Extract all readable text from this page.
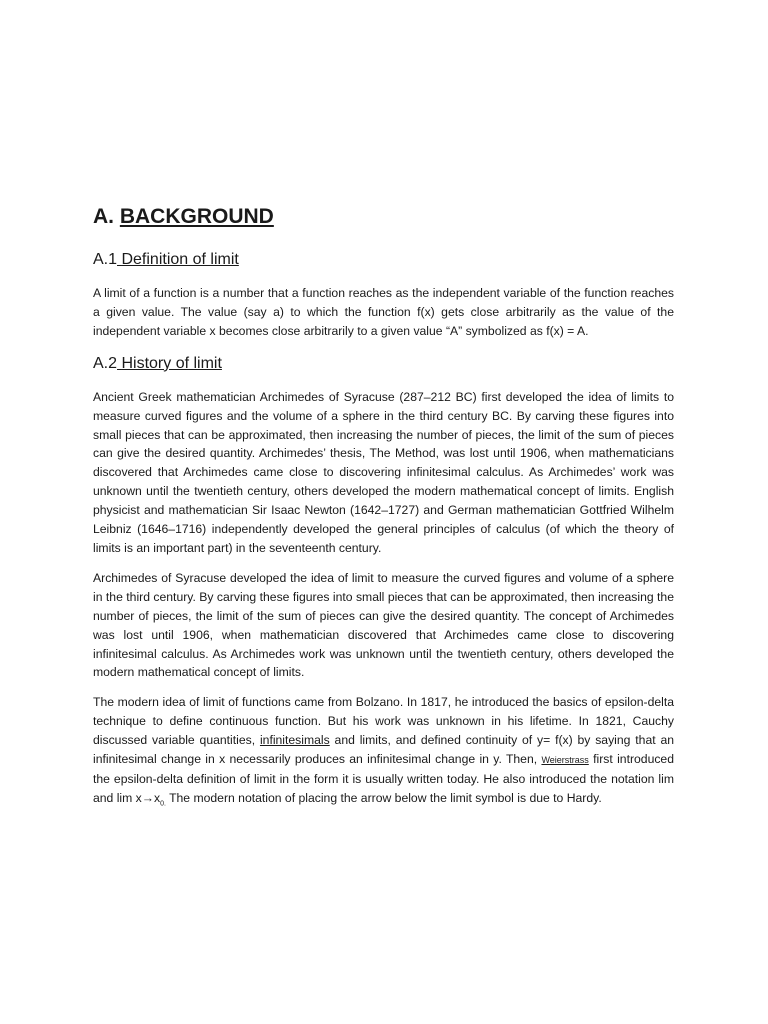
A. BACKGROUND
A.1 Definition of limit

A limit of a function is a number that a function reaches as the independent variable of the function reaches a given value. The value (say a) to which the function f(x) gets close arbitrarily as the value of the independent variable x becomes close arbitrarily to a given value “A” symbolized as f(x) = A.

A.2 History of limit

Ancient Greek mathematician Archimedes of Syracuse (287–212 BC) first developed the idea of limits to measure curved figures and the volume of a sphere in the third century BC. By carving these figures into small pieces that can be approximated, then increasing the number of pieces, the limit of the sum of pieces can give the desired quantity. Archimedes’ thesis, The Method, was lost until 1906, when mathematicians discovered that Archimedes came close to discovering infinitesimal calculus. As Archimedes’ work was unknown until the twentieth century, others developed the modern mathematical concept of limits. English physicist and mathematician Sir Isaac Newton (1642–1727) and German mathematician Gottfried Wilhelm Leibniz (1646–1716) independently developed the general principles of calculus (of which the theory of limits is an important part) in the seventeenth century.

Archimedes of Syracuse developed the idea of limit to measure the curved figures and volume of a sphere in the third century. By carving these figures into small pieces that can be approximated, then increasing the number of pieces, the limit of the sum of pieces can give the desired quantity. The concept of Archimedes was lost until 1906, when mathematician discovered that Archimedes came close to discovering infinitesimal calculus. As Archimedes work was unknown until the twentieth century, others developed the modern mathematical concept of limits.

The modern idea of limit of functions came from Bolzano. In 1817, he introduced the basics of epsilon-delta technique to define continuous function. But his work was unknown in his lifetime. In 1821, Cauchy discussed variable quantities, infinitesimals and limits, and defined continuity of y= f(x) by saying that an infinitesimal change in x necessarily produces an infinitesimal change in y. Then, Weierstrass first introduced the epsilon-delta definition of limit in the form it is usually written today. He also introduced the notation lim and $\lim x\to x_{0.}$ The modern notation of placing the arrow below the limit symbol is due to Hardy.
